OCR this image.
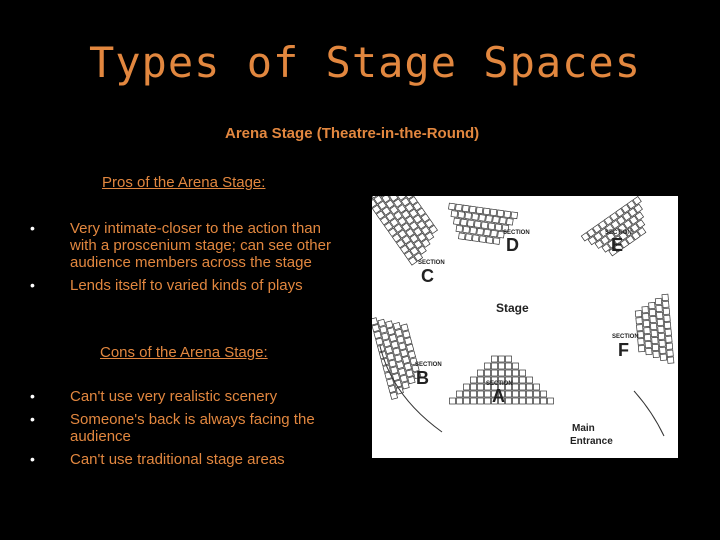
Types of Stage Spaces
Arena Stage (Theatre-in-the-Round)
Pros of the Arena Stage:
• Very intimate-closer to the action than with a proscenium stage; can see other audience members across the stage
• Lends itself to varied kinds of plays
Cons of the Arena Stage:
• Can't use very realistic scenery
• Someone's back is always facing the audience
• Can't use traditional stage areas
SECTION
C
SECTION
D
SECTION
E
SECTION
F
SECTION
A
SECTION
B
Stage
Main
Entrance
